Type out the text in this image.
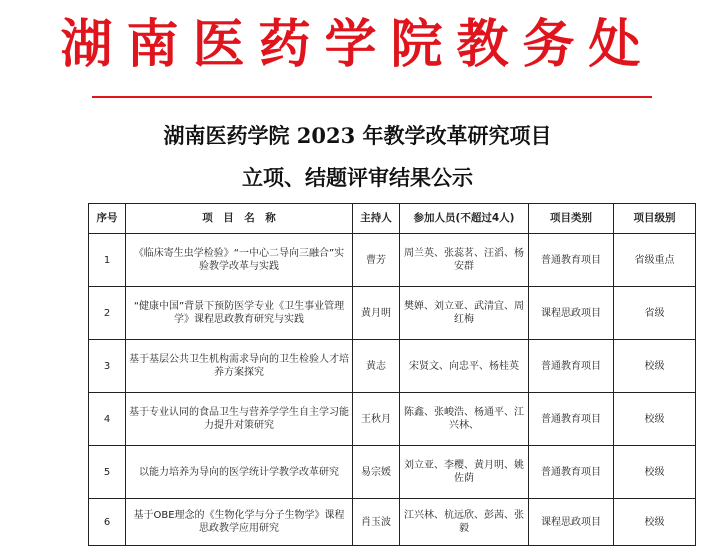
湖南医药学院教务处
湖南医药学院 2023 年教学改革研究项目
立项、结题评审结果公示
序号	项　目　名　称	主持人	参加人员(不超过4人)	项目类别	项目级别
1	《临床寄生虫学检验》“一中心二导向三融合”实验教学改革与实践	曹芳	周兰英、张蕊茗、汪滔、杨安群	普通教育项目	省级重点
2	“健康中国”背景下预防医学专业《卫生事业管理学》课程思政教育研究与实践	黄月明	樊婵、刘立亚、武清宜、周红梅	课程思政项目	省级
3	基于基层公共卫生机构需求导向的卫生检验人才培养方案探究	黄志	宋贤文、向忠平、杨桂英	普通教育项目	校级
4	基于专业认同的食品卫生与营养学学生自主学习能力提升对策研究	王秋月	陈鑫、张峻浩、杨通平、江兴林、	普通教育项目	校级
5	以能力培养为导向的医学统计学教学改革研究	易宗媛	刘立亚、李樱、黄月明、姚佐荫	普通教育项目	校级
6	基于OBE理念的《生物化学与分子生物学》课程思政教学应用研究	肖玉波	江兴林、杭远欣、彭茜、张毅	课程思政项目	校级
